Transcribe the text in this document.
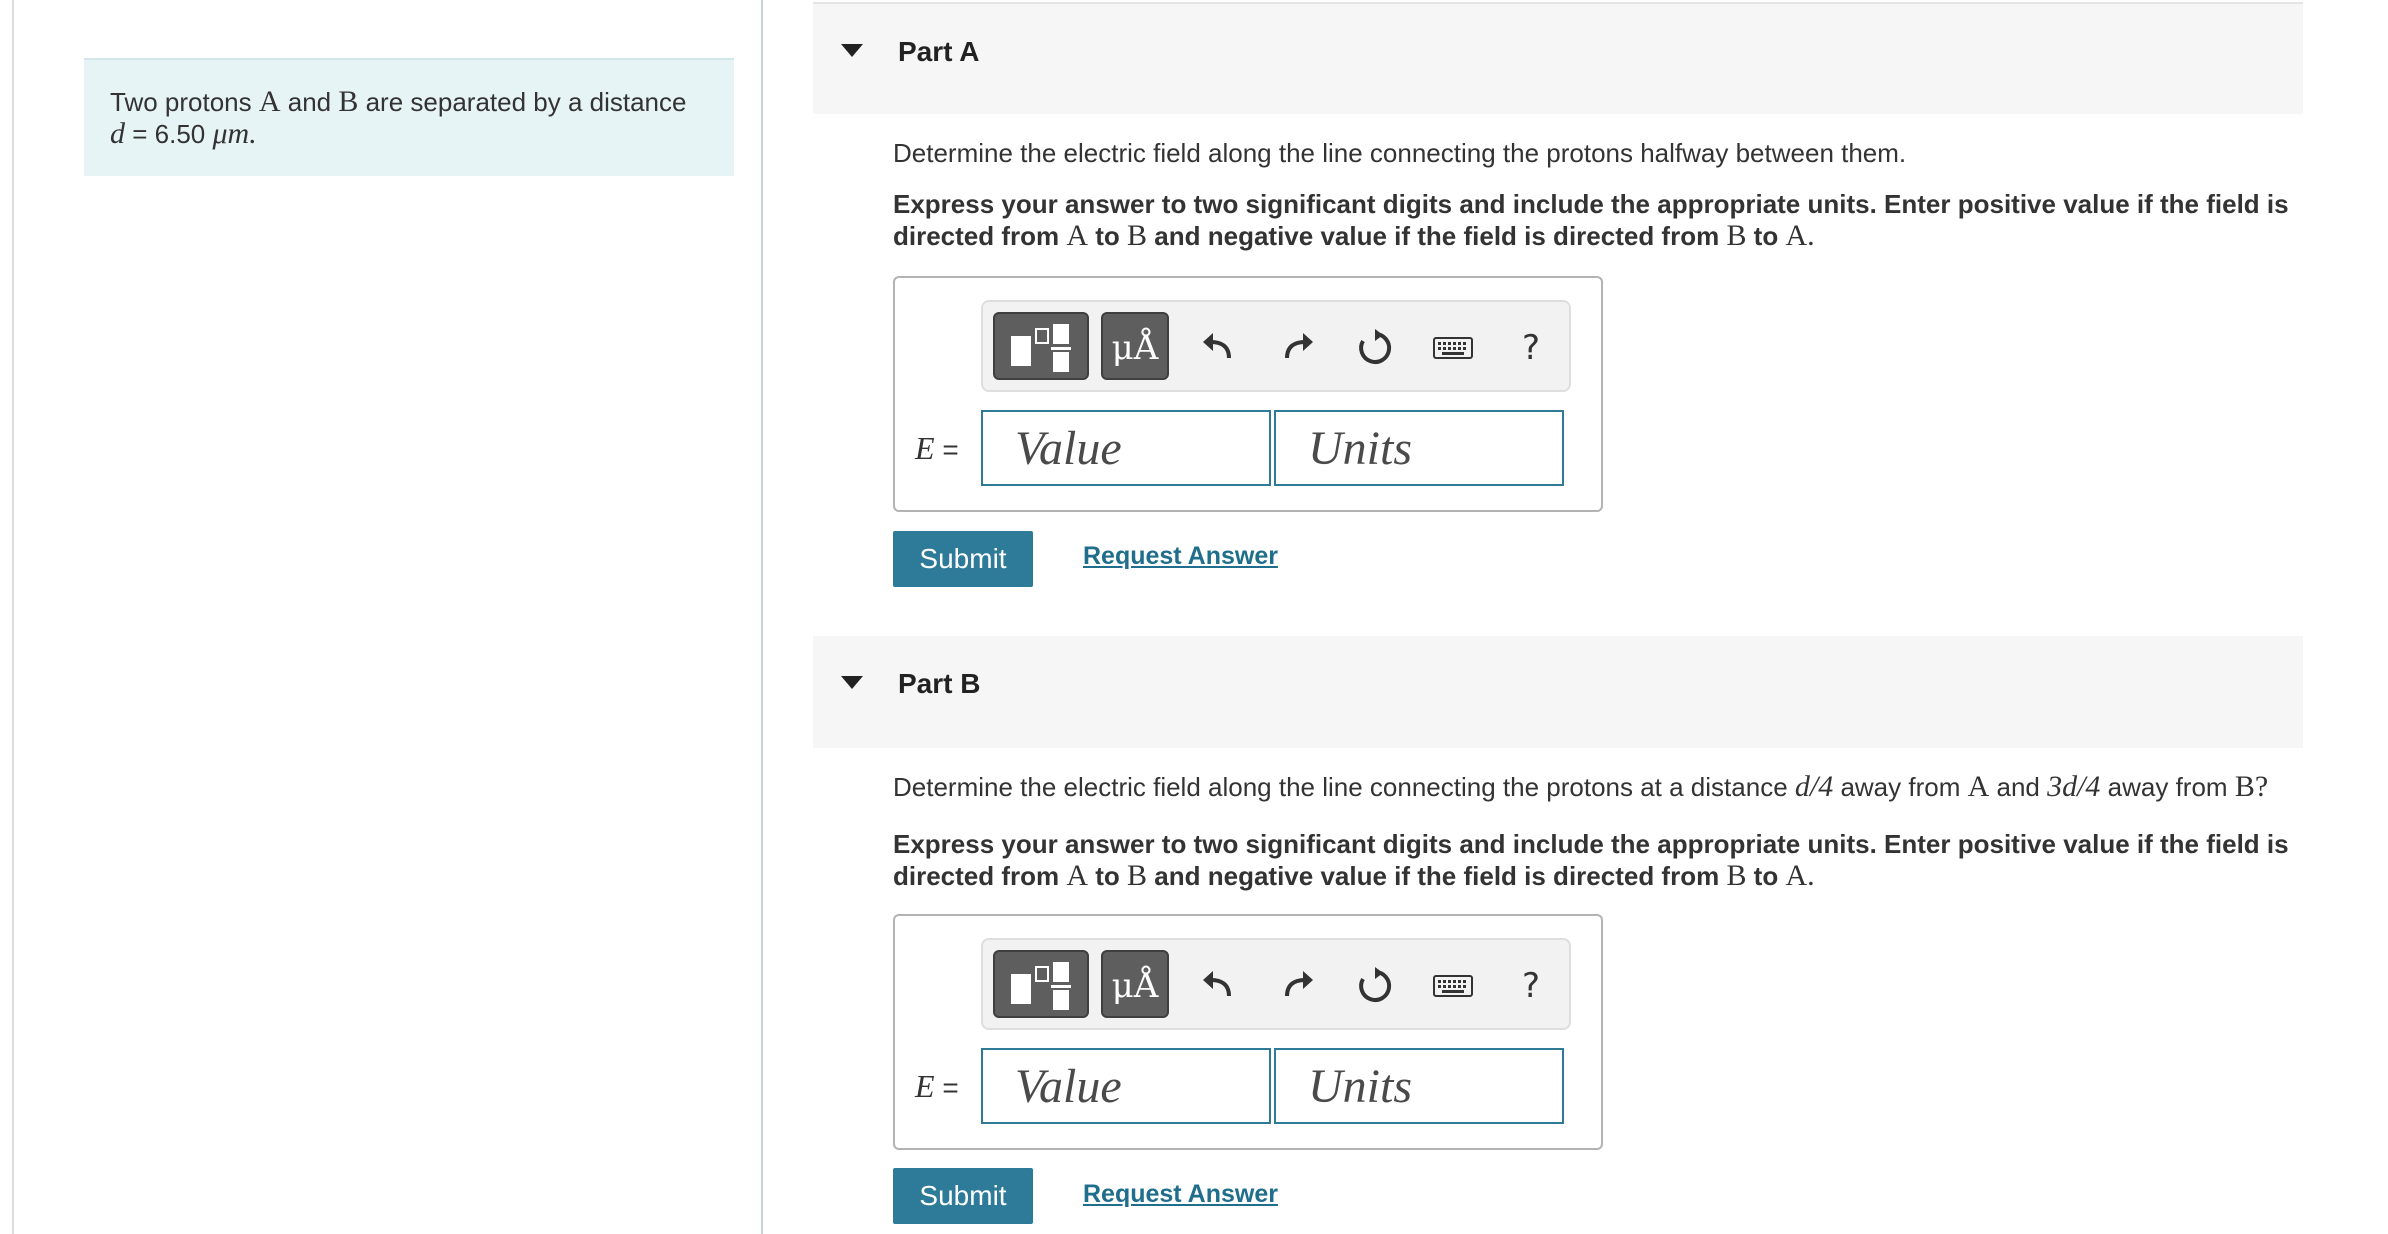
Two protons A and B are separated by a distance
d = 6.50 μm.
Part A
Determine the electric field along the line connecting the protons halfway between them.
Express your answer to two significant digits and include the appropriate units. Enter positive value if the field is
directed from A to B and negative value if the field is directed from B to A.
μÅ	?
E =
Value
Units
Submit	Request Answer
Part B
Determine the electric field along the line connecting the protons at a distance d/4 away from A and 3d/4 away from B?
Express your answer to two significant digits and include the appropriate units. Enter positive value if the field is
directed from A to B and negative value if the field is directed from B to A.
μÅ	?
E =
Value
Units
Submit	Request Answer
